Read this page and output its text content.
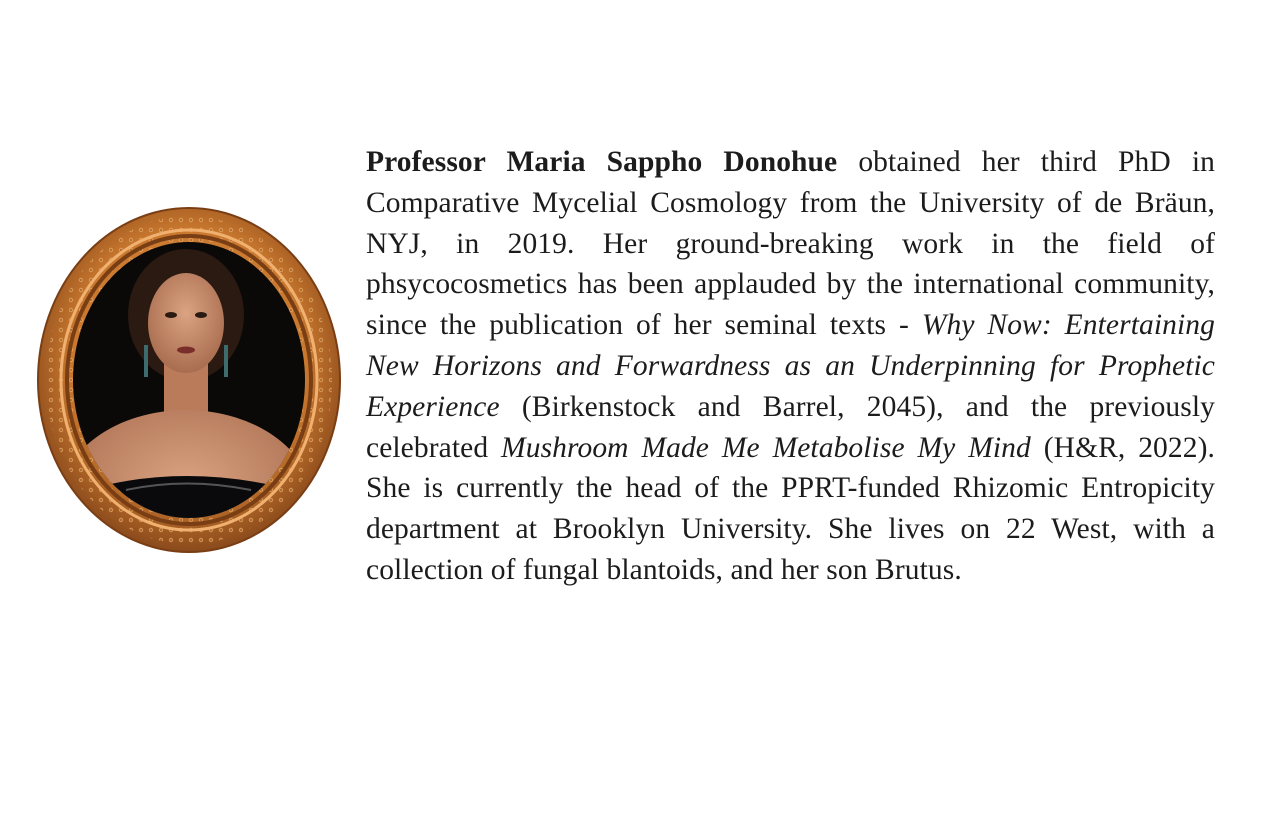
Professor Maria Sappho Donohue obtained her third PhD in Comparative Mycelial Cosmology from the University of de Bräun, NYJ, in 2019. Her ground-breaking work in the field of phsycocosmetics has been applauded by the international community, since the publication of her seminal texts - Why Now: Entertaining New Horizons and Forwardness as an Underpinning for Prophetic Experience (Birkenstock and Barrel, 2045), and the previously celebrated Mushroom Made Me Metabolise My Mind (H&R, 2022). She is currently the head of the PPRT-funded Rhizomic Entropicity department at Brooklyn University. She lives on 22 West, with a collection of fungal blantoids, and her son Brutus.
